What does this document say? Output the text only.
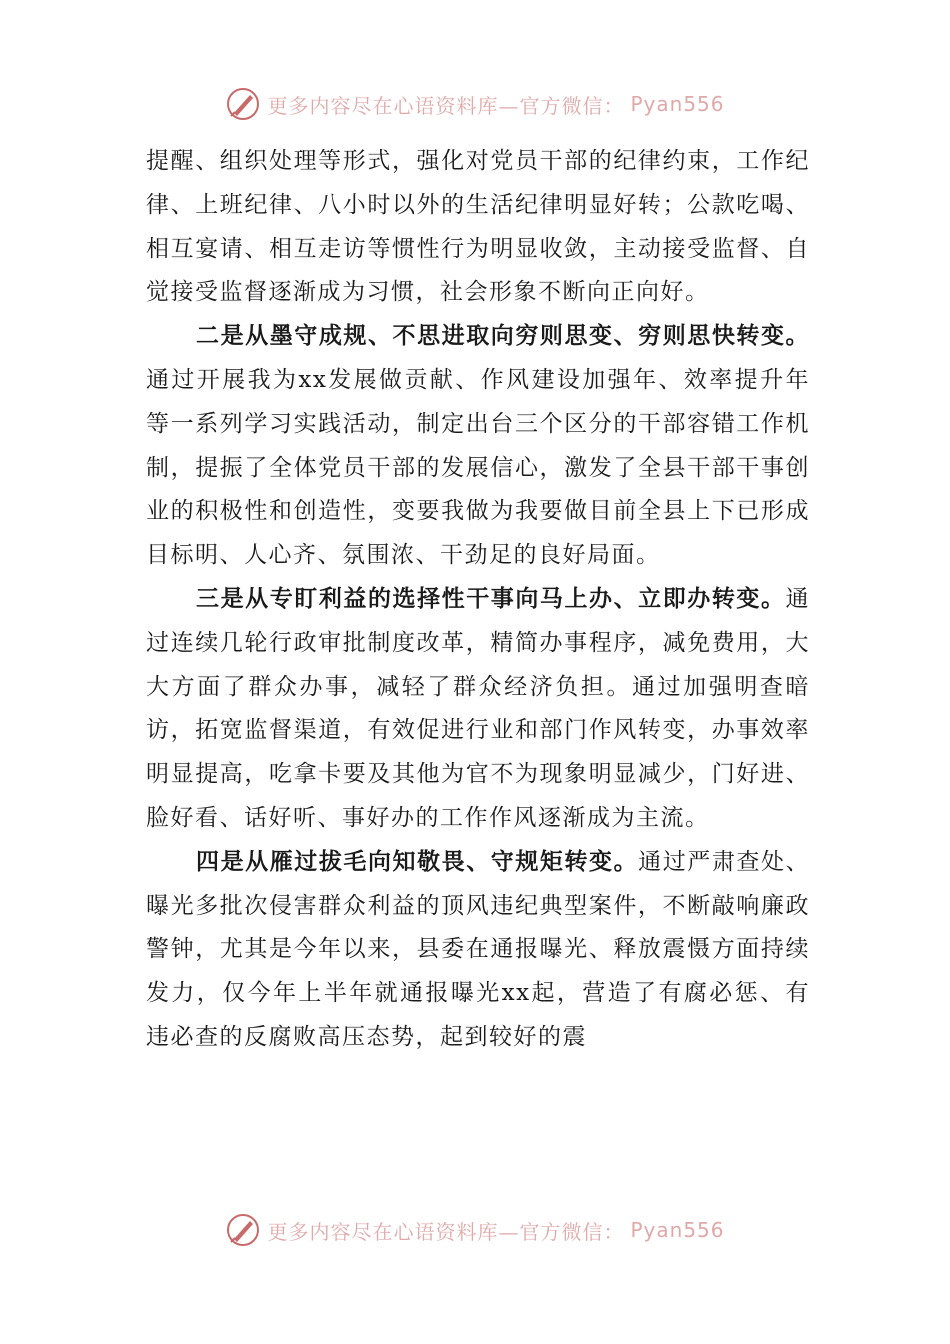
更多内容尽在心语资料库—官方微信： Pyan556

提醒、组织处理等形式，强化对党员干部的纪律约束，工作纪律、上班纪律、八小时以外的生活纪律明显好转；公款吃喝、相互宴请、相互走访等惯性行为明显收敛，主动接受监督、自觉接受监督逐渐成为习惯，社会形象不断向正向好。

二是从墨守成规、不思进取向穷则思变、穷则思快转变。通过开展我为xx发展做贡献、作风建设加强年、效率提升年等一系列学习实践活动，制定出台三个区分的干部容错工作机制，提振了全体党员干部的发展信心，激发了全县干部干事创业的积极性和创造性，变要我做为我要做目前全县上下已形成目标明、人心齐、氛围浓、干劲足的良好局面。

三是从专盯利益的选择性干事向马上办、立即办转变。通过连续几轮行政审批制度改革，精简办事程序，减免费用，大大方面了群众办事，减轻了群众经济负担。通过加强明查暗访，拓宽监督渠道，有效促进行业和部门作风转变，办事效率明显提高，吃拿卡要及其他为官不为现象明显减少，门好进、脸好看、话好听、事好办的工作作风逐渐成为主流。

四是从雁过拔毛向知敬畏、守规矩转变。通过严肃查处、曝光多批次侵害群众利益的顶风违纪典型案件，不断敲响廉政警钟，尤其是今年以来，县委在通报曝光、释放震慑方面持续发力，仅今年上半年就通报曝光xx起，营造了有腐必惩、有违必查的反腐败高压态势，起到较好的震

更多内容尽在心语资料库—官方微信： Pyan556
